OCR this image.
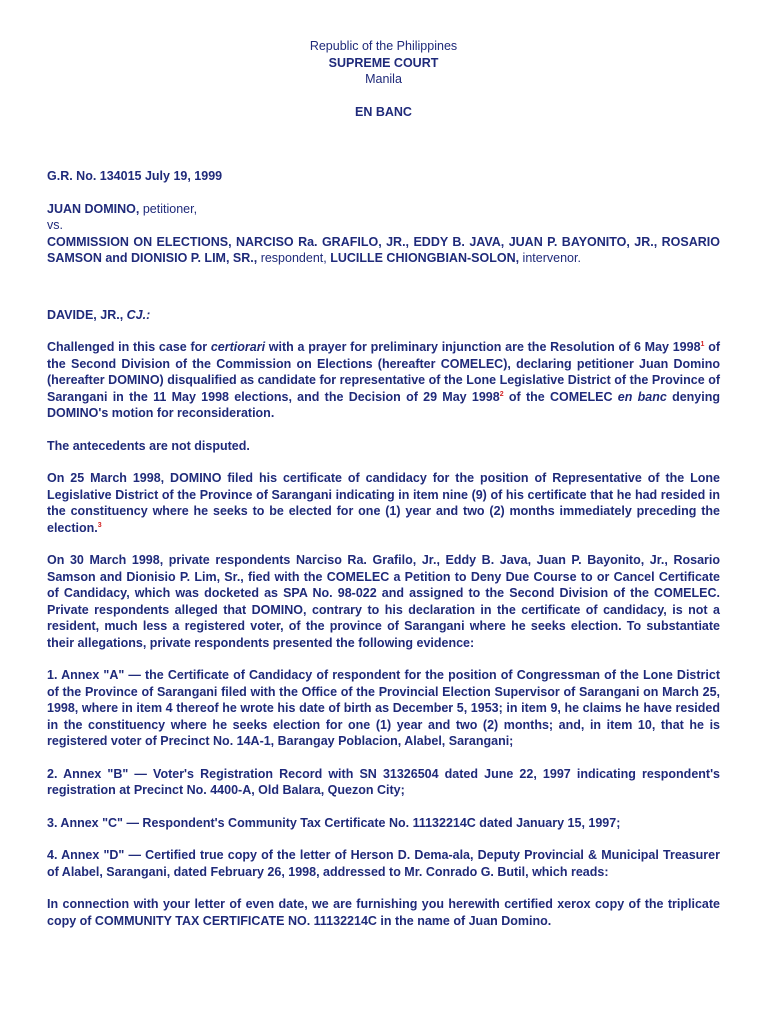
Republic of the Philippines
SUPREME COURT
Manila
EN BANC
G.R. No. 134015 July 19, 1999
JUAN DOMINO, petitioner,
vs.
COMMISSION ON ELECTIONS, NARCISO Ra. GRAFILO, JR., EDDY B. JAVA, JUAN P. BAYONITO, JR., ROSARIO SAMSON and DIONISIO P. LIM, SR., respondent, LUCILLE CHIONGBIAN-SOLON, intervenor.
DAVIDE, JR., CJ.:
Challenged in this case for certiorari with a prayer for preliminary injunction are the Resolution of 6 May 1998$^1$ of the Second Division of the Commission on Elections (hereafter COMELEC), declaring petitioner Juan Domino (hereafter DOMINO) disqualified as candidate for representative of the Lone Legislative District of the Province of Sarangani in the 11 May 1998 elections, and the Decision of 29 May 1998$^2$ of the COMELEC en banc denying DOMINO's motion for reconsideration.
The antecedents are not disputed.
On 25 March 1998, DOMINO filed his certificate of candidacy for the position of Representative of the Lone Legislative District of the Province of Sarangani indicating in item nine (9) of his certificate that he had resided in the constituency where he seeks to be elected for one (1) year and two (2) months immediately preceding the election.$^3$
On 30 March 1998, private respondents Narciso Ra. Grafilo, Jr., Eddy B. Java, Juan P. Bayonito, Jr., Rosario Samson and Dionisio P. Lim, Sr., fied with the COMELEC a Petition to Deny Due Course to or Cancel Certificate of Candidacy, which was docketed as SPA No. 98-022 and assigned to the Second Division of the COMELEC. Private respondents alleged that DOMINO, contrary to his declaration in the certificate of candidacy, is not a resident, much less a registered voter, of the province of Sarangani where he seeks election. To substantiate their allegations, private respondents presented the following evidence:
1. Annex "A" — the Certificate of Candidacy of respondent for the position of Congressman of the Lone District of the Province of Sarangani filed with the Office of the Provincial Election Supervisor of Sarangani on March 25, 1998, where in item 4 thereof he wrote his date of birth as December 5, 1953; in item 9, he claims he have resided in the constituency where he seeks election for one (1) year and two (2) months; and, in item 10, that he is registered voter of Precinct No. 14A-1, Barangay Poblacion, Alabel, Sarangani;
2. Annex "B" — Voter's Registration Record with SN 31326504 dated June 22, 1997 indicating respondent's registration at Precinct No. 4400-A, Old Balara, Quezon City;
3. Annex "C" — Respondent's Community Tax Certificate No. 11132214C dated January 15, 1997;
4. Annex "D" — Certified true copy of the letter of Herson D. Dema-ala, Deputy Provincial & Municipal Treasurer of Alabel, Sarangani, dated February 26, 1998, addressed to Mr. Conrado G. Butil, which reads:
In connection with your letter of even date, we are furnishing you herewith certified xerox copy of the triplicate copy of COMMUNITY TAX CERTIFICATE NO. 11132214C in the name of Juan Domino.
